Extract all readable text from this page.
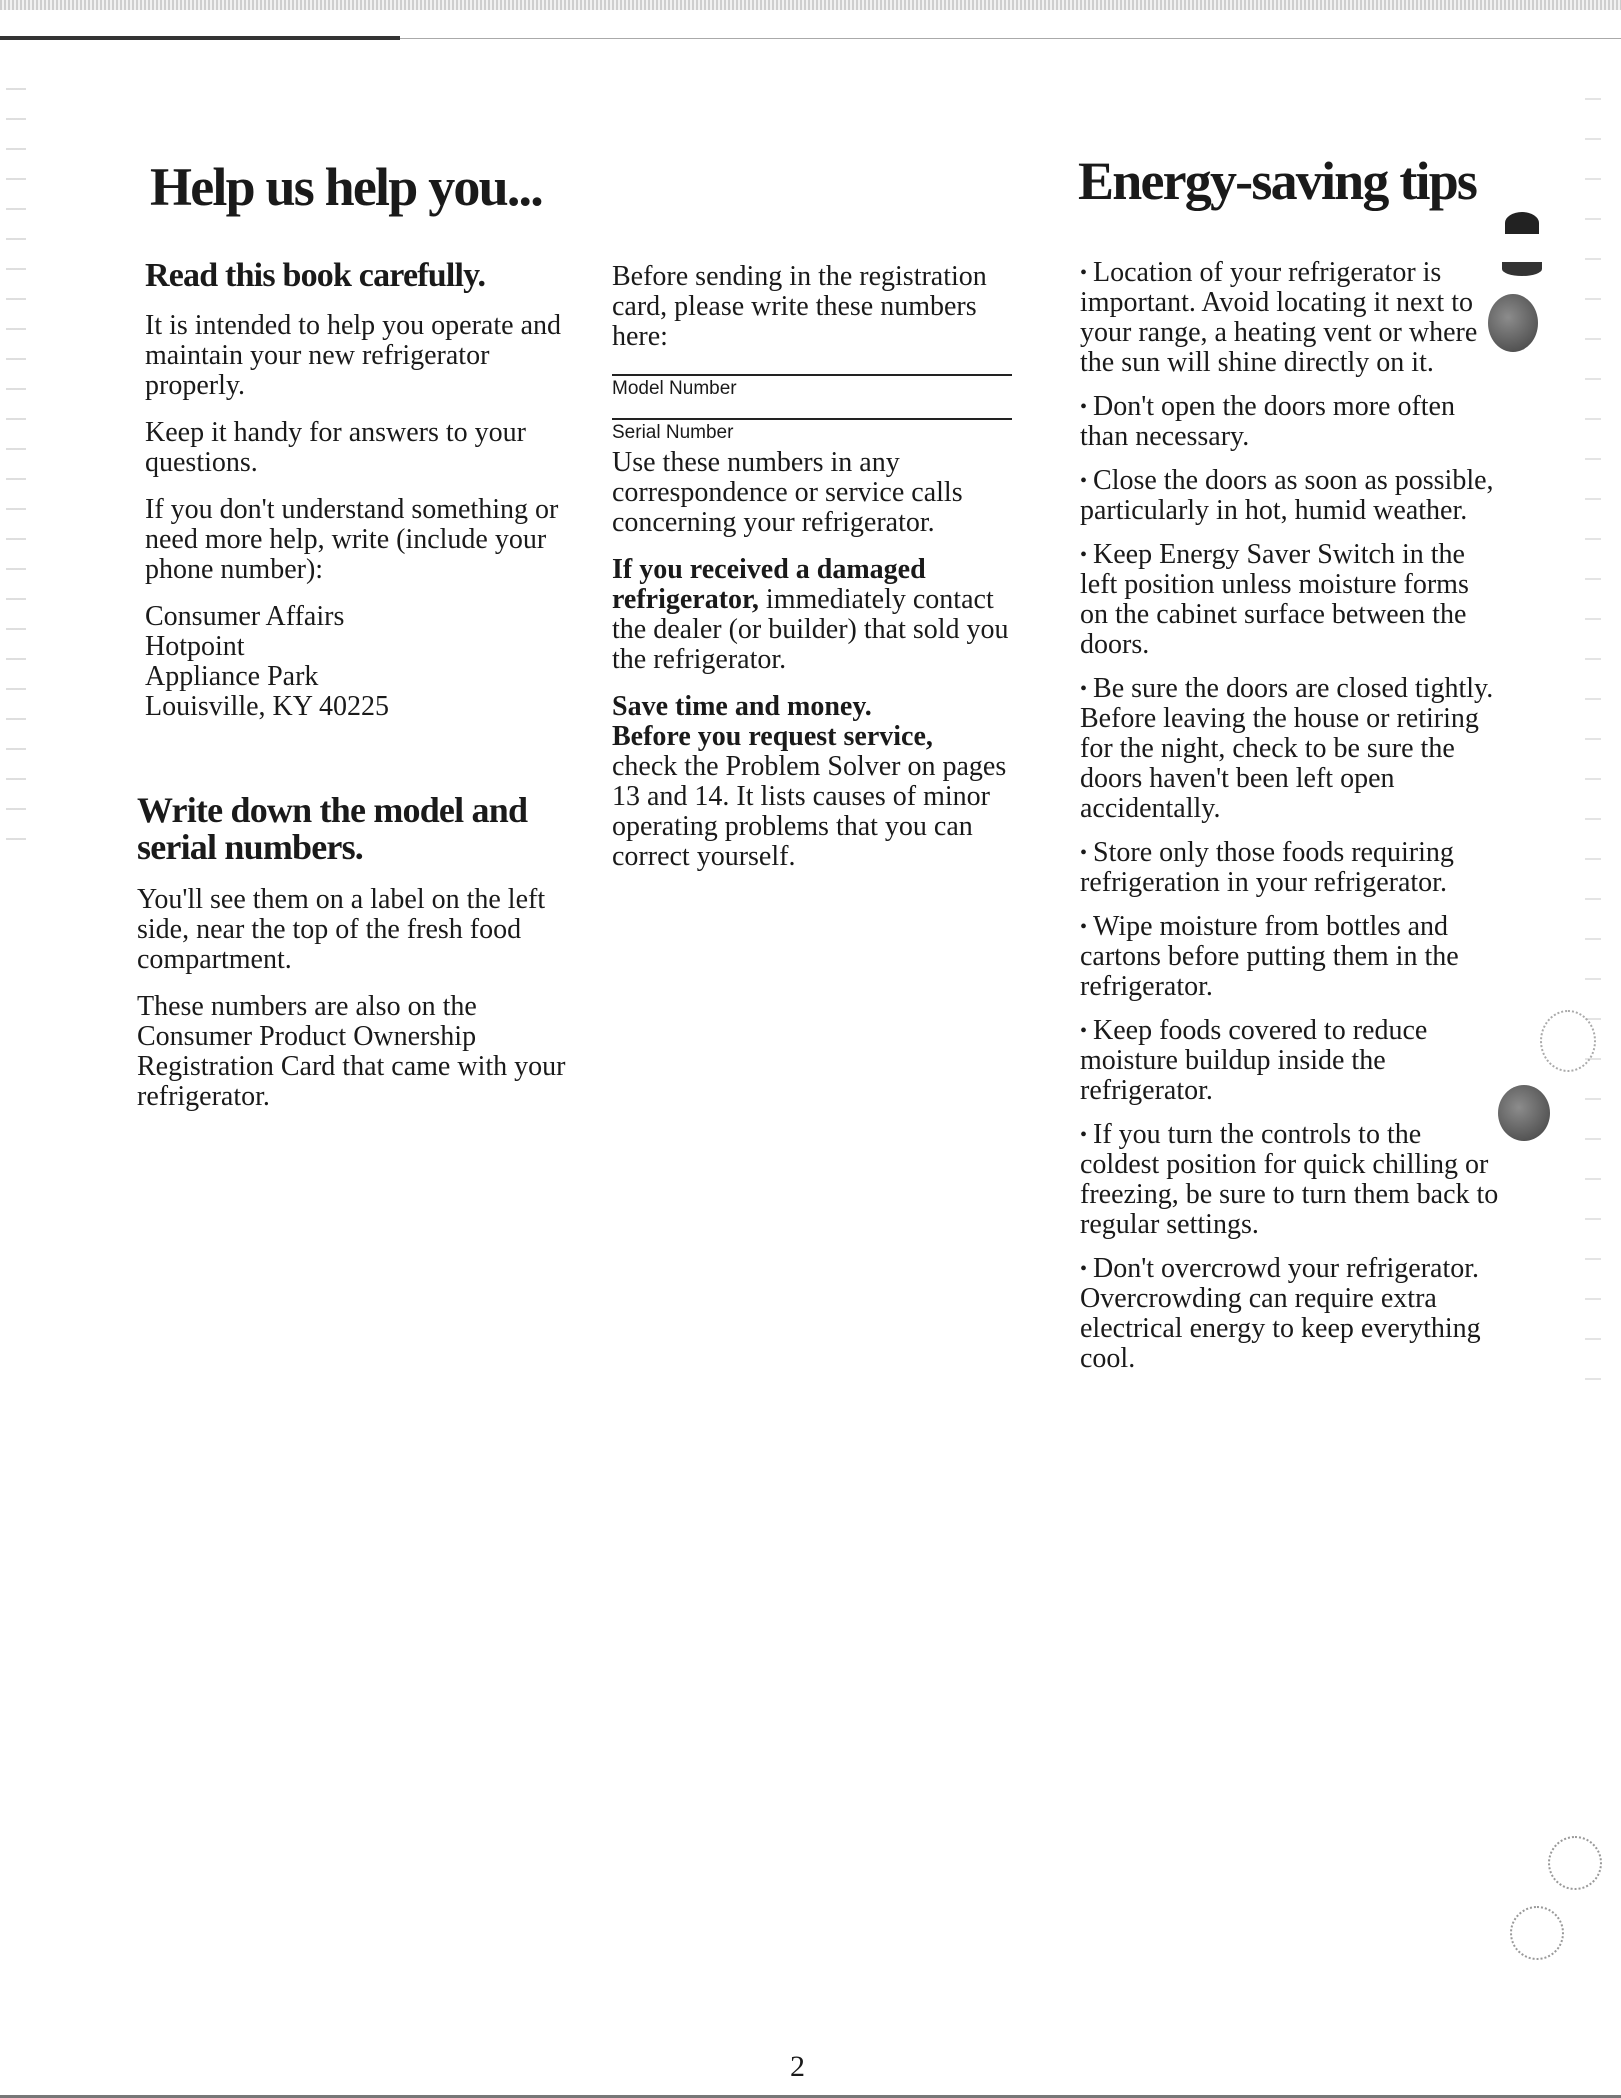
Help us help you...	Energy-saving tips
Read this book carefully.

It is intended to help you operate and maintain your new refrigerator properly.

Keep it handy for answers to your questions.

If you don't understand something or need more help, write (include your phone number):

Consumer Affairs

Hotpoint

Appliance Park

Louisville, KY 40225

Write down the model and serial numbers.

You'll see them on a label on the left side, near the top of the fresh food compartment.

These numbers are also on the Consumer Product Ownership Registration Card that came with your refrigerator.

Before sending in the registration card, please write these numbers here:

Model Number
Serial Number

Use these numbers in any correspondence or service calls concerning your refrigerator.

If you received a damaged refrigerator, immediately contact the dealer (or builder) that sold you the refrigerator.

Save time and money.
Before you request service,
check the Problem Solver on pages 13 and 14. It lists causes of minor operating problems that you can correct yourself.

• Location of your refrigerator is important. Avoid locating it next to your range, a heating vent or where the sun will shine directly on it.
• Don't open the doors more often than necessary.
• Close the doors as soon as possible, particularly in hot, humid weather.
• Keep Energy Saver Switch in the left position unless moisture forms on the cabinet surface between the doors.
• Be sure the doors are closed tightly. Before leaving the house or retiring for the night, check to be sure the doors haven't been left open accidentally.
• Store only those foods requiring refrigeration in your refrigerator.
• Wipe moisture from bottles and cartons before putting them in the refrigerator.
• Keep foods covered to reduce moisture buildup inside the refrigerator.
• If you turn the controls to the coldest position for quick chilling or freezing, be sure to turn them back to regular settings.
• Don't overcrowd your refrigerator. Overcrowding can require extra electrical energy to keep everything cool.
2
